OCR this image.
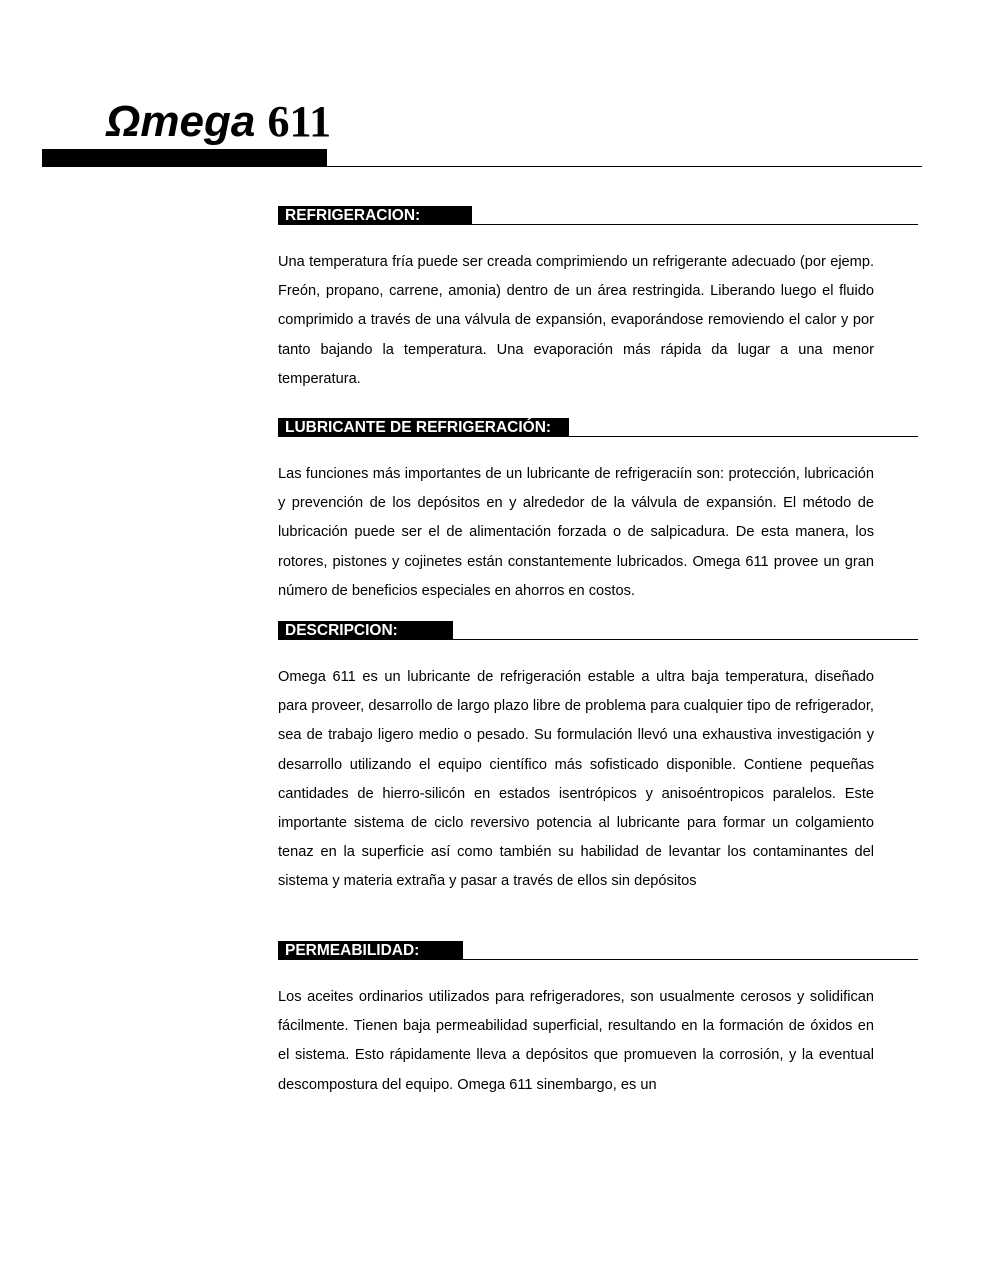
Ωmega 611
REFRIGERACION:

Una temperatura fría puede ser creada comprimiendo un refrigerante adecuado (por ejemp. Freón, propano, carrene, amonia) dentro de un área restringida. Liberando luego el fluido comprimido a través de una válvula de expansión, evaporándose removiendo el calor y por tanto bajando la temperatura. Una evaporación más rápida da lugar a una menor temperatura.

LUBRICANTE DE REFRIGERACIÓN:

Las funciones más importantes de un lubricante de refrigeraciín son: protección, lubricación y prevención de los depósitos en y alrededor de la válvula de expansión. El método de lubricación puede ser el de alimentación forzada o de salpicadura. De esta manera, los rotores, pistones y cojinetes están constantemente lubricados. Omega 611 provee un gran número de beneficios especiales en ahorros en costos.

DESCRIPCION:

Omega 611 es un lubricante de refrigeración estable a ultra baja temperatura, diseñado para proveer, desarrollo de largo plazo libre de problema para cualquier tipo de refrigerador, sea de trabajo ligero medio o pesado. Su formulación llevó una exhaustiva investigación y desarrollo utilizando el equipo científico más sofisticado disponible. Contiene pequeñas cantidades de hierro-silicón en estados isentrópicos y anisoéntropicos paralelos. Este importante sistema de ciclo reversivo potencia al lubricante para formar un colgamiento tenaz en la superficie así como también su habilidad de levantar los contaminantes del sistema y materia extraña y pasar a través de ellos sin depósitos

PERMEABILIDAD:

Los aceites ordinarios utilizados para refrigeradores, son usualmente cerosos y solidifican fácilmente. Tienen baja permeabilidad superficial, resultando en la formación de óxidos en el sistema. Esto rápidamente lleva a depósitos que promueven la corrosión, y la eventual descompostura del equipo. Omega 611 sinembargo, es un
